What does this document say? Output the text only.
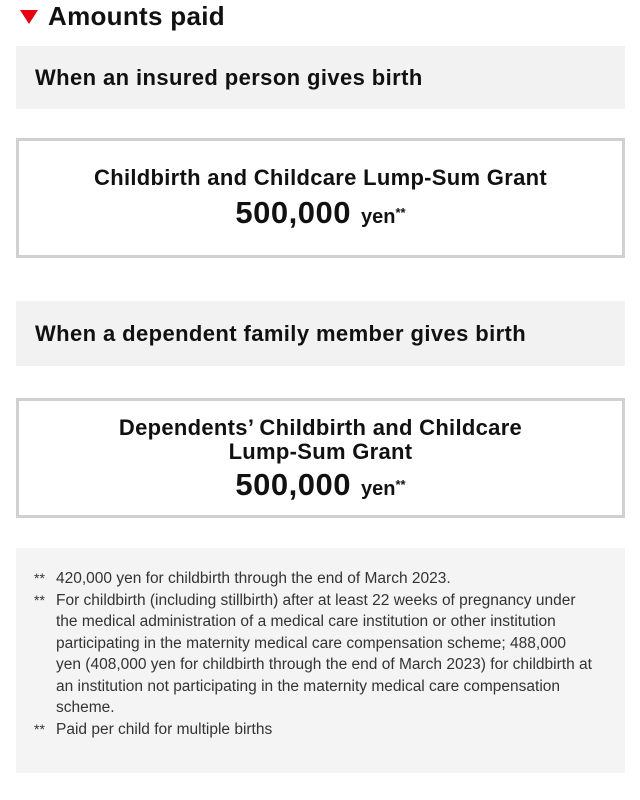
Amounts paid
When an insured person gives birth
Childbirth and Childcare Lump-Sum Grant
500,000 yen**
When a dependent family member gives birth
Dependents’ Childbirth and Childcare
Lump-Sum Grant
500,000 yen**
** 420,000 yen for childbirth through the end of March 2023.
** For childbirth (including stillbirth) after at least 22 weeks of pregnancy under the medical administration of a medical care institution or other institution participating in the maternity medical care compensation scheme; 488,000 yen (408,000 yen for childbirth through the end of March 2023) for childbirth at an institution not participating in the maternity medical care compensation scheme.
** Paid per child for multiple births
